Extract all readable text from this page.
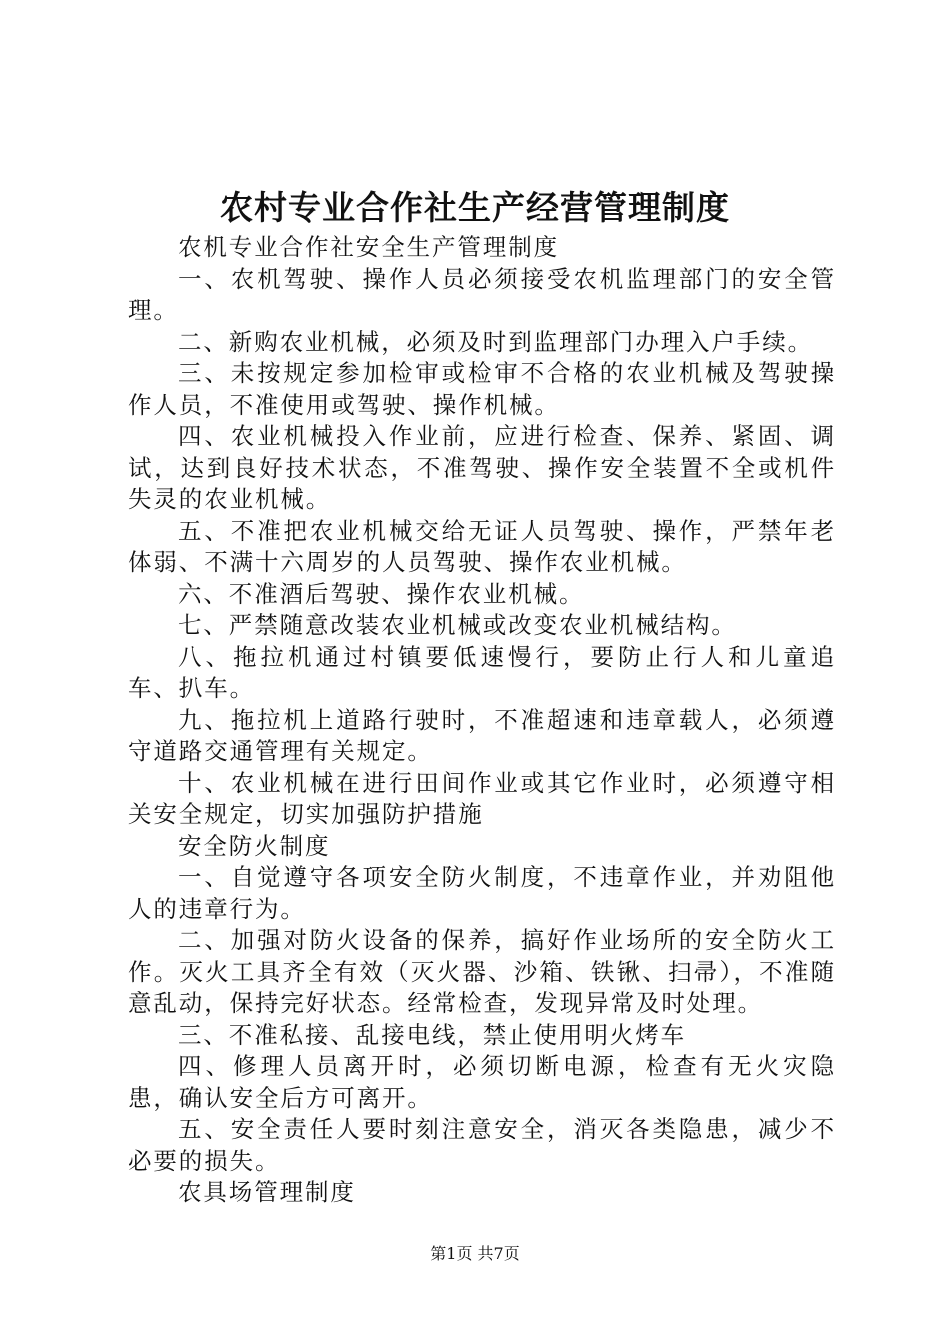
农村专业合作社生产经营管理制度

农机专业合作社安全生产管理制度

一、农机驾驶、操作人员必须接受农机监理部门的安全管理。

二、新购农业机械，必须及时到监理部门办理入户手续。

三、未按规定参加检审或检审不合格的农业机械及驾驶操作人员，不准使用或驾驶、操作机械。

四、农业机械投入作业前，应进行检查、保养、紧固、调试，达到良好技术状态，不准驾驶、操作安全装置不全或机件失灵的农业机械。

五、不准把农业机械交给无证人员驾驶、操作，严禁年老体弱、不满十六周岁的人员驾驶、操作农业机械。

六、不准酒后驾驶、操作农业机械。

七、严禁随意改装农业机械或改变农业机械结构。

八、拖拉机通过村镇要低速慢行，要防止行人和儿童追车、扒车。

九、拖拉机上道路行驶时，不准超速和违章载人，必须遵守道路交通管理有关规定。

十、农业机械在进行田间作业或其它作业时，必须遵守相关安全规定，切实加强防护措施

安全防火制度

一、自觉遵守各项安全防火制度，不违章作业，并劝阻他人的违章行为。

二、加强对防火设备的保养，搞好作业场所的安全防火工作。灭火工具齐全有效（灭火器、沙箱、铁锹、扫帚），不准随意乱动，保持完好状态。经常检查，发现异常及时处理。

三、不准私接、乱接电线，禁止使用明火烤车

四、修理人员离开时，必须切断电源，检查有无火灾隐患，确认安全后方可离开。

五、安全责任人要时刻注意安全，消灭各类隐患，减少不必要的损失。

农具场管理制度

第1页 共7页
